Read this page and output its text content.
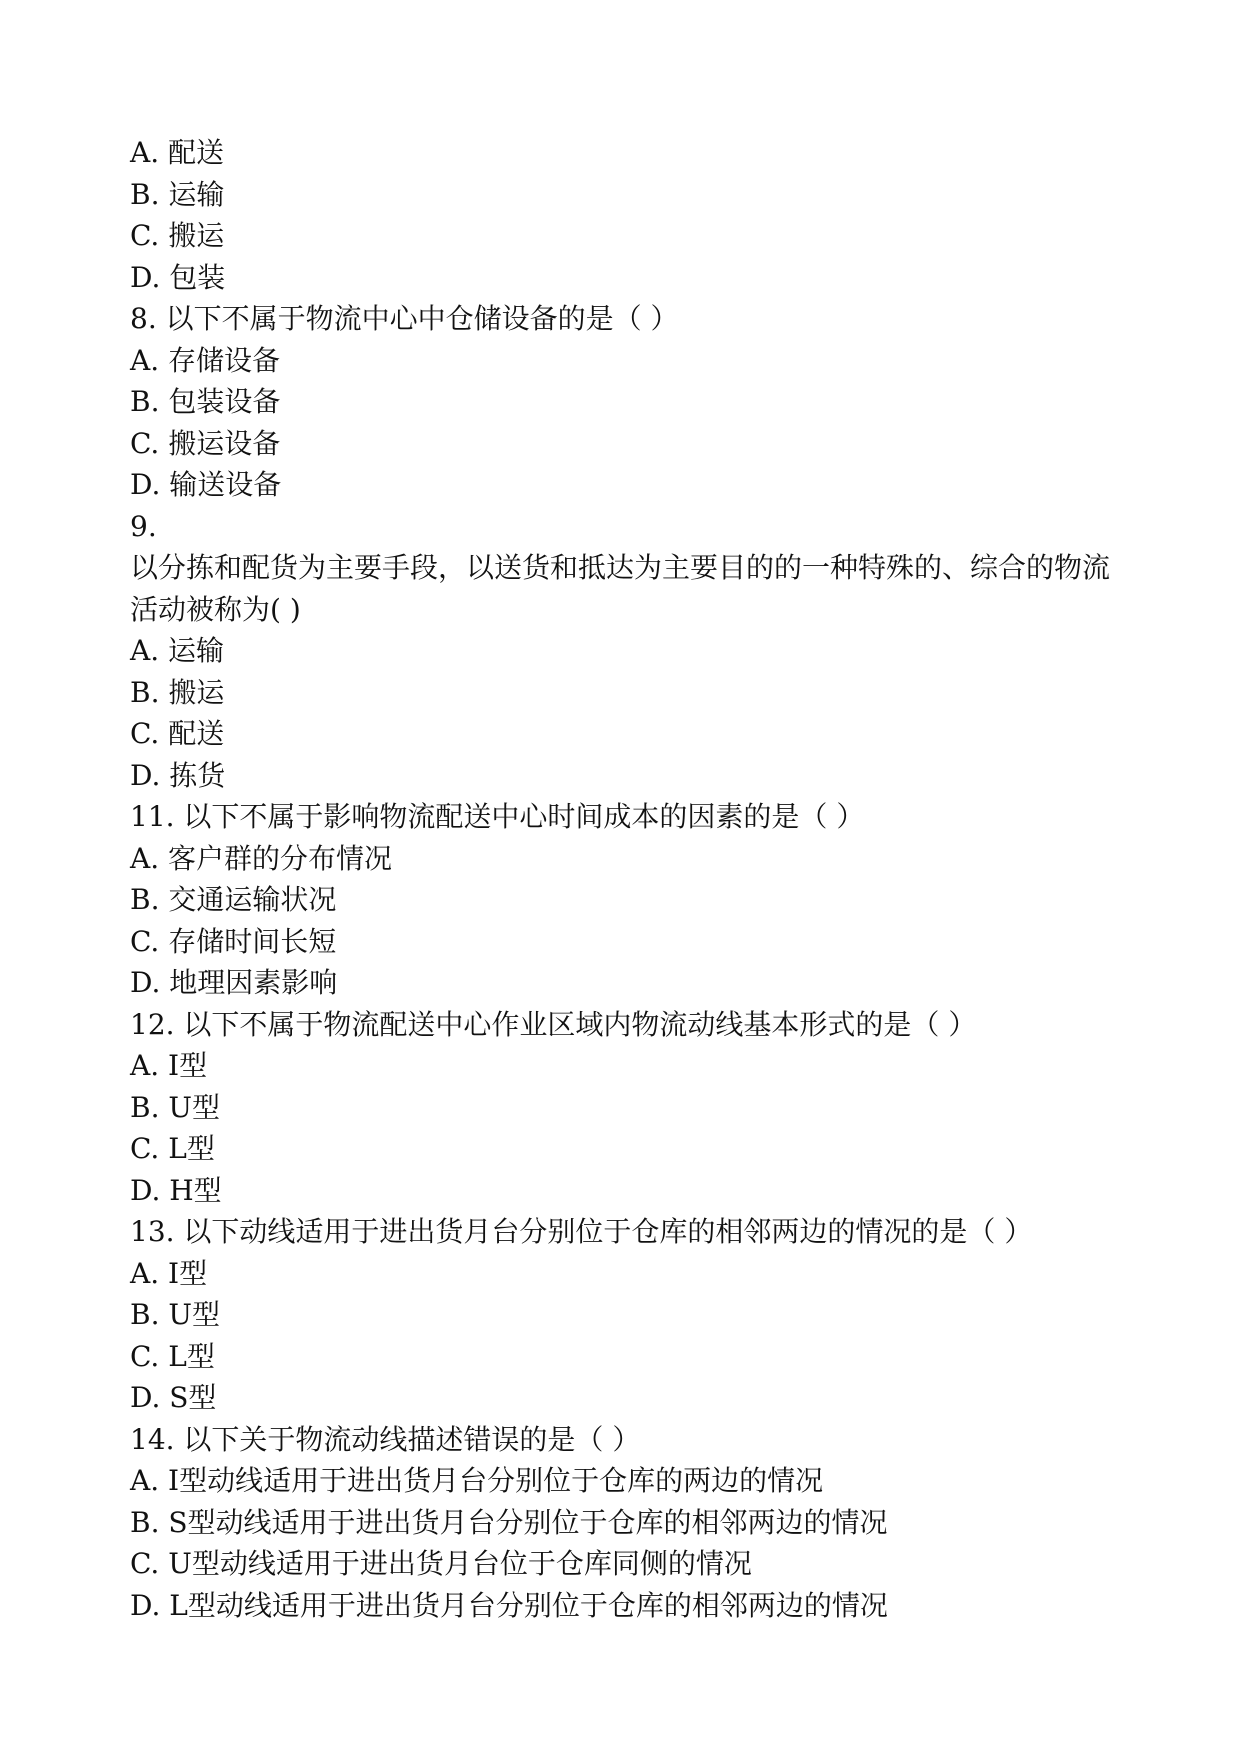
A. 配送
B. 运输
C. 搬运
D. 包装
8. 以下不属于物流中心中仓储设备的是（ ）
A. 存储设备
B. 包装设备
C. 搬运设备
D. 输送设备
9.
以分拣和配货为主要手段，以送货和抵达为主要目的的一种特殊的、综合的物流活动被称为( )
A. 运输
B. 搬运
C. 配送
D. 拣货
11. 以下不属于影响物流配送中心时间成本的因素的是（ ）
A. 客户群的分布情况
B. 交通运输状况
C. 存储时间长短
D. 地理因素影响
12. 以下不属于物流配送中心作业区域内物流动线基本形式的是（ ）
A. I型
B. U型
C. L型
D. H型
13. 以下动线适用于进出货月台分别位于仓库的相邻两边的情况的是（ ）
A. I型
B. U型
C. L型
D. S型
14. 以下关于物流动线描述错误的是（ ）
A. I型动线适用于进出货月台分别位于仓库的两边的情况
B. S型动线适用于进出货月台分别位于仓库的相邻两边的情况
C. U型动线适用于进出货月台位于仓库同侧的情况
D. L型动线适用于进出货月台分别位于仓库的相邻两边的情况
